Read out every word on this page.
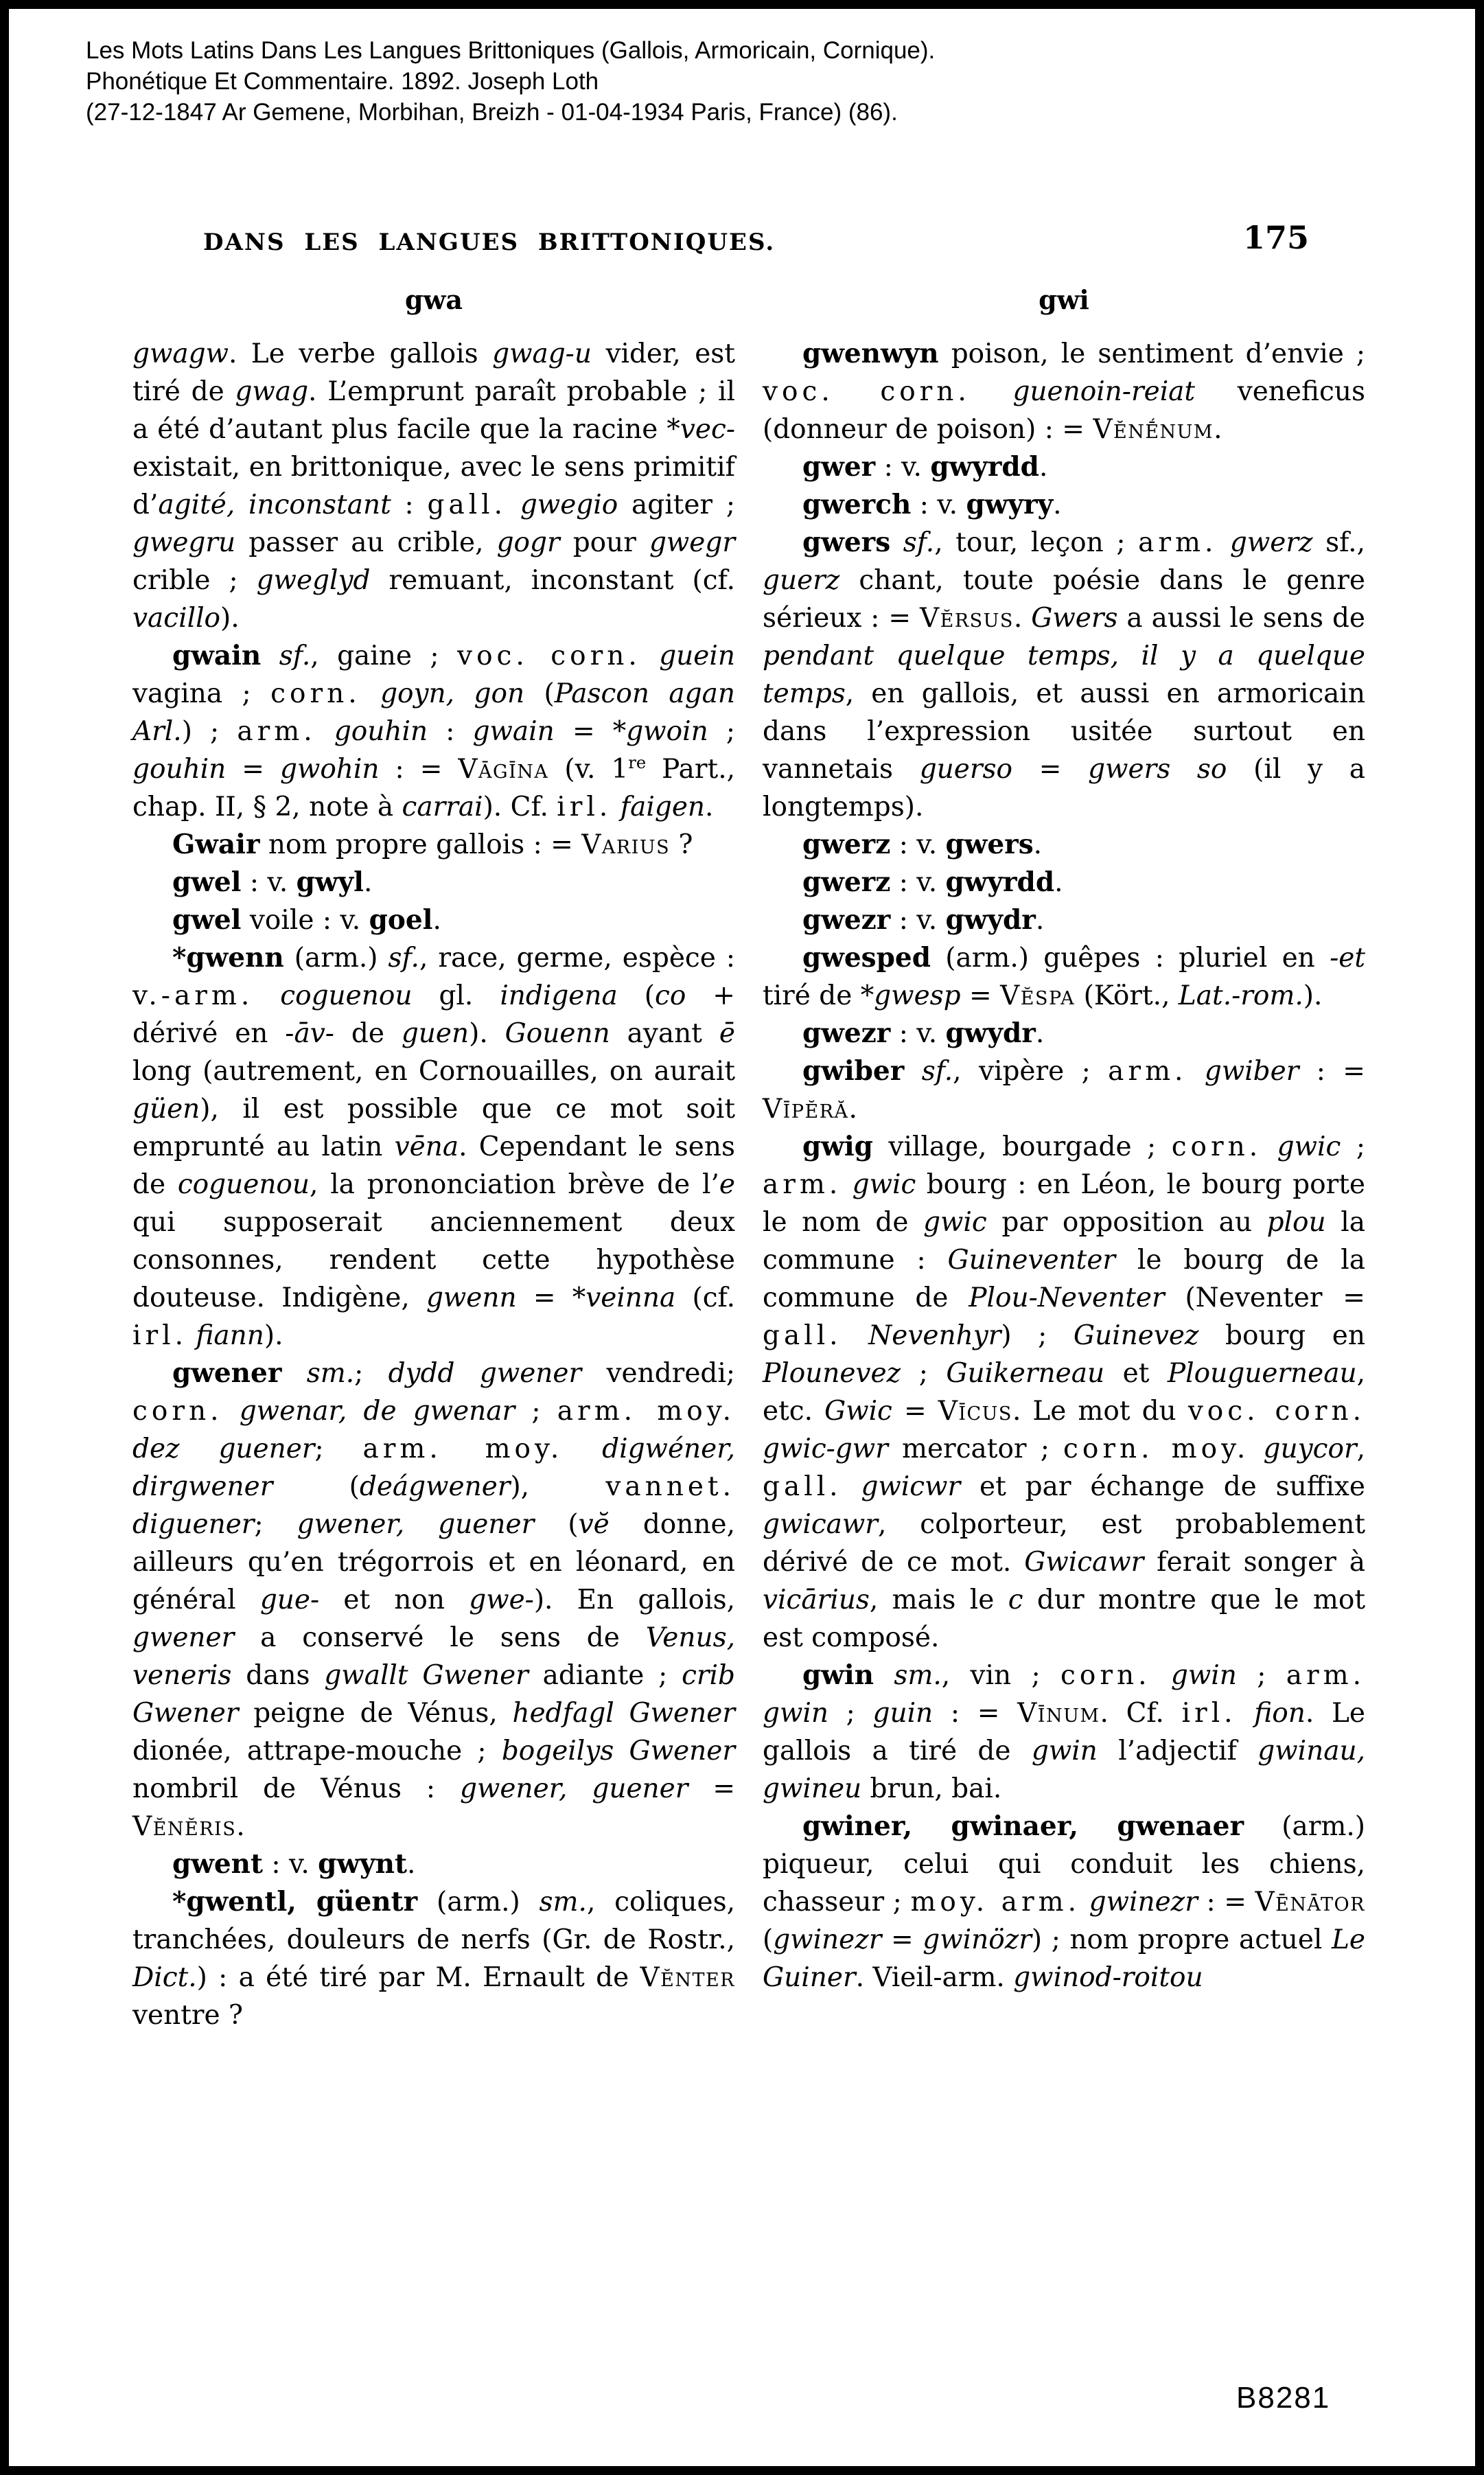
Les Mots Latins Dans Les Langues Brittoniques (Gallois, Armoricain, Cornique).
Phonétique Et Commentaire. 1892. Joseph Loth
(27-12-1847 Ar Gemene, Morbihan, Breizh - 01-04-1934 Paris, France) (86).
DANS LES LANGUES BRITTONIQUES.	175
gwa

gwagw. Le verbe gallois gwag-u vider, est tiré de gwag. L’emprunt paraît probable ; il a été d’autant plus facile que la racine *vec- existait, en brittonique, avec le sens primitif d’agité, inconstant : gall. gwegio agiter ; gwegru passer au crible, gogr pour gwegr crible ; gweglyd remuant, inconstant (cf. vacillo).

gwain sf., gaine ; voc. corn. guein vagina ; corn. goyn, gon (Pascon agan Arl.) ; arm. gouhin : gwain = *gwoin ; gouhin = gwohin : = Vāgīna (v. 1re Part., chap. II, § 2, note à carrai). Cf. irl. faigen.

Gwair nom propre gallois : = Varius ?

gwel : v. gwyl.

gwel voile : v. goel.

*gwenn (arm.) sf., race, germe, espèce : v.-arm. coguenou gl. indigena (co + dérivé en -āv- de guen). Gouenn ayant ē long (autrement, en Cornouailles, on aurait güen), il est possible que ce mot soit emprunté au latin vēna. Cependant le sens de coguenou, la prononciation brève de l’e qui supposerait anciennement deux consonnes, rendent cette hypothèse douteuse. Indigène, gwenn = *veinna (cf. irl. fiann).

gwener sm.; dydd gwener vendredi; corn. gwenar, de gwenar ; arm. moy. dez guener; arm. moy. digwéner, dirgwener (deágwener), vannet. diguener; gwener, guener (vĕ donne, ailleurs qu’en trégorrois et en léonard, en général gue- et non gwe-). En gallois, gwener a conservé le sens de Venus, veneris dans gwallt Gwener adiante ; crib Gwener peigne de Vénus, hedfagl Gwener dionée, attrape-mouche ; bogeilys Gwener nombril de Vénus : gwener, guener = Vĕnĕris.

gwent : v. gwynt.

*gwentl, güentr (arm.) sm., coliques, tranchées, douleurs de nerfs (Gr. de Rostr., Dict.) : a été tiré par M. Ernault de Vĕnter ventre ?

gwi

gwenwyn poison, le sentiment d’envie ; voc. corn. guenoin-reiat veneficus (donneur de poison) : = Vĕnḗnum.

gwer : v. gwyrdd.

gwerch : v. gwyry.

gwers sf., tour, leçon ; arm. gwerz sf., guerz chant, toute poésie dans le genre sérieux : = Vĕrsus. Gwers a aussi le sens de pendant quelque temps, il y a quelque temps, en gallois, et aussi en armoricain dans l’expression usitée surtout en vannetais guerso = gwers so (il y a longtemps).

gwerz : v. gwers.

gwerz : v. gwyrdd.

gwezr : v. gwydr.

gwesped (arm.) guêpes : pluriel en -et tiré de *gwesp = Vĕspa (Kört., Lat.-rom.).

gwezr : v. gwydr.

gwiber sf., vipère ; arm. gwiber : = Vīpĕră.

gwig village, bourgade ; corn. gwic ; arm. gwic bourg : en Léon, le bourg porte le nom de gwic par opposition au plou la commune : Guineventer le bourg de la commune de Plou-Neventer (Neventer = gall. Nevenhyr) ; Guinevez bourg en Plounevez ; Guikerneau et Plouguerneau, etc. Gwic = Vīcus. Le mot du voc. corn. gwic-gwr mercator ; corn. moy. guycor, gall. gwicwr et par échange de suffixe gwicawr, colporteur, est probablement dérivé de ce mot. Gwicawr ferait songer à vicārius, mais le c dur montre que le mot est composé.

gwin sm., vin ; corn. gwin ; arm. gwin ; guin : = Vīnum. Cf. irl. fion. Le gallois a tiré de gwin l’adjectif gwinau, gwineu brun, bai.

gwiner, gwinaer, gwenaer (arm.) piqueur, celui qui conduit les chiens, chasseur ; moy. arm. gwinezr : = Vēnātor (gwinezr = gwinözr) ; nom propre actuel Le Guiner. Vieil-arm. gwinod-roitou

B8281
